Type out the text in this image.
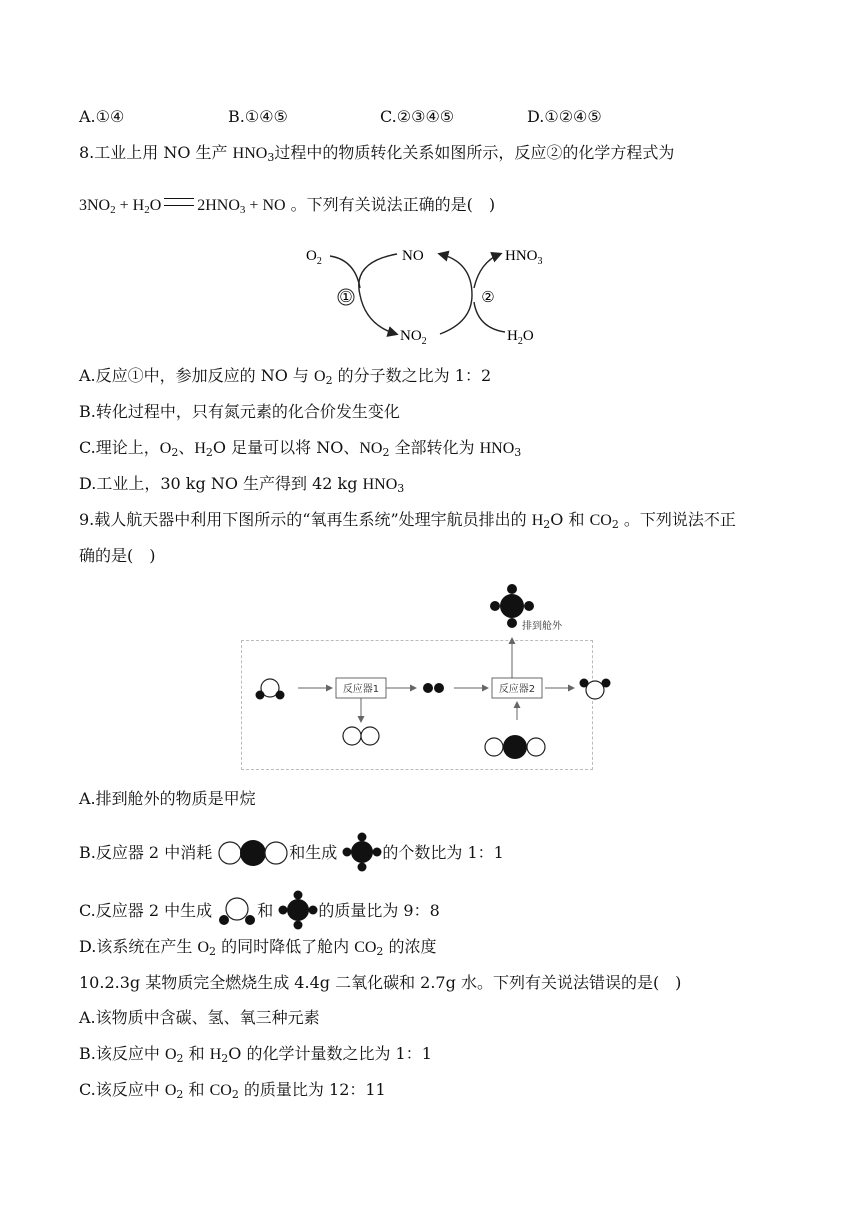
A.①④	B.①④⑤	C.②③④⑤	D.①②④⑤
8.工业上用 NO 生产 $HNO_3$过程中的物质转化关系如图所示，反应②的化学方程式为
$3NO_2 + H_2O$ $2HNO_3$ + NO 。下列有关说法正确的是(　)
$O_2$	NO	$HNO_3$
$NO_2$	$H_2O$
①	②
A.反应①中，参加反应的 NO 与 $O_2$ 的分子数之比为 1：2
B.转化过程中，只有氮元素的化合价发生变化
C.理论上，$O_2$、$H_2O$ 足量可以将 NO、$NO_2$ 全部转化为 $HNO_3$
D.工业上，30 kg NO 生产得到 42 kg $HNO_3$
9.载人航天器中利用下图所示的“氧再生系统”处理宇航员排出的 $H_2O$ 和 $CO_2$ 。下列说法不正
确的是(　)
排到舱外
反应器1	反应器2
A.排到舱外的物质是甲烷
B.反应器 2 中消耗	和生成	的个数比为 1：1
C.反应器 2 中生成	和	的质量比为 9：8
D.该系统在产生 $O_2$ 的同时降低了舱内 $CO_2$ 的浓度
10.2.3g 某物质完全燃烧生成 4.4g 二氧化碳和 2.7g 水。下列有关说法错误的是(　)
A.该物质中含碳、氢、氧三种元素
B.该反应中 $O_2$ 和 $H_2O$ 的化学计量数之比为 1：1
C.该反应中 $O_2$ 和 $CO_2$ 的质量比为 12：11
